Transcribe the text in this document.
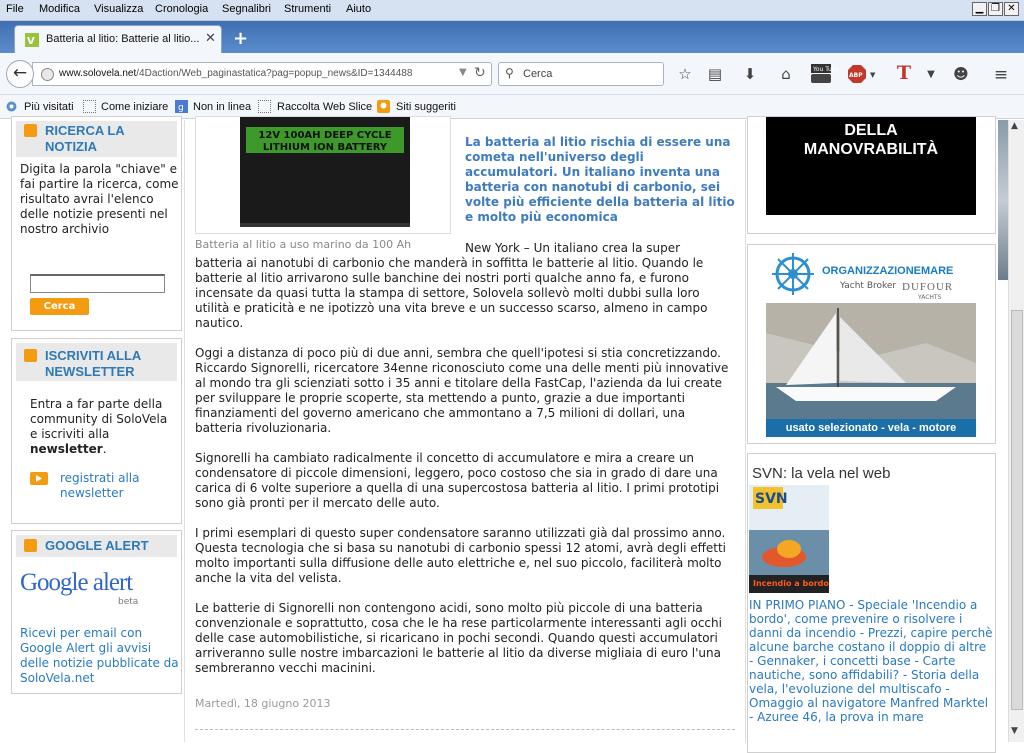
File Modifica Visualizza Cronologia Segnalibri Strumenti Aiuto	▁ ❐ ✕
V Batteria al litio: Batterie al litio... ✕ +
www.solovela.net/4Daction/Web_paginastatica?pag=popup_news&ID=1344488	▼ ↻
←	⚲ Cerca	☆ ▤	⬇	⌂	You Tube
ABP ▼ T	▼	☻ ≡
Più visitati Come iniziare g Non in linea Raccolta Web Slice Siti suggeriti
RICERCA LA NOTIZIA
Digita la parola "chiave" e fai partire la ricerca, come risultato avrai l'elenco delle notizie presenti nel nostro archivio
Cerca
ISCRIVITI ALLA NEWSLETTER
Entra a far parte della community di SoloVela e iscriviti alla newsletter.
registrati alla newsletter
GOOGLE ALERT
Google alert
beta
Ricevi per email con Google Alert gli avvisi delle notizie pubblicate da SoloVela.net
12V 100AH DEEP CYCLE
LITHIUM ION BATTERY
Batteria al litio a uso marino da 100 Ah
La batteria al litio rischia di essere una cometa nell'universo degli accumulatori. Un italiano inventa una batteria con nanotubi di carbonio, sei volte più efficiente della batteria al litio e molto più economica
New York – Un italiano crea la super
batteria ai nanotubi di carbonio che manderà in soffitta le batterie al litio. Quando le batterie al litio arrivarono sulle banchine dei nostri porti qualche anno fa, e furono incensate da quasi tutta la stampa di settore, Solovela sollevò molti dubbi sulla loro utilità e praticità e ne ipotizzò una vita breve e un successo scarso, almeno in campo nautico.
Oggi a distanza di poco più di due anni, sembra che quell'ipotesi si stia concretizzando. Riccardo Signorelli, ricercatore 34enne riconosciuto come una delle menti più innovative al mondo tra gli scienziati sotto i 35 anni e titolare della FastCap, l'azienda da lui create per sviluppare le proprie scoperte, sta mettendo a punto, grazie a due importanti finanziamenti del governo americano che ammontano a 7,5 milioni di dollari, una batteria rivoluzionaria.
Signorelli ha cambiato radicalmente il concetto di accumulatore e mira a creare un condensatore di piccole dimensioni, leggero, poco costoso che sia in grado di dare una carica di 6 volte superiore a quella di una supercostosa batteria al litio. I primi prototipi sono già pronti per il mercato delle auto.
I primi esemplari di questo super condensatore saranno utilizzati già dal prossimo anno. Questa tecnologia che si basa su nanotubi di carbonio spessi 12 atomi, avrà degli effetti molto importanti sulla diffusione delle auto elettriche e, nel suo piccolo, faciliterà molto anche la vita del velista.
Le batterie di Signorelli non contengono acidi, sono molto più piccole di una batteria convenzionale e soprattutto, cosa che le ha rese particolarmente interessanti agli occhi delle case automobilistiche, si ricaricano in pochi secondi. Quando questi accumulatori arriveranno sulle nostre imbarcazioni le batterie al litio da diverse migliaia di euro l'una sembreranno vecchi macinini.
Martedì, 18 giugno 2013
DELLA
MANOVRABILITÀ
ORGANIZZAZIONEMARE
Yacht Broker DUFOUR
YACHTS
usato selezionato - vela - motore
SVN: la vela nel web
SVN
Incendio a bordo
IN PRIMO PIANO - Speciale 'Incendio a bordo', come prevenire o risolvere i danni da incendio - Prezzi, capire perchè alcune barche costano il doppio di altre - Gennaker, i concetti base - Carte nautiche, sono affidabili? - Storia della vela, l'evoluzione del multiscafo - Omaggio al navigatore Manfred Marktel - Azuree 46, la prova in mare
▲
▼
